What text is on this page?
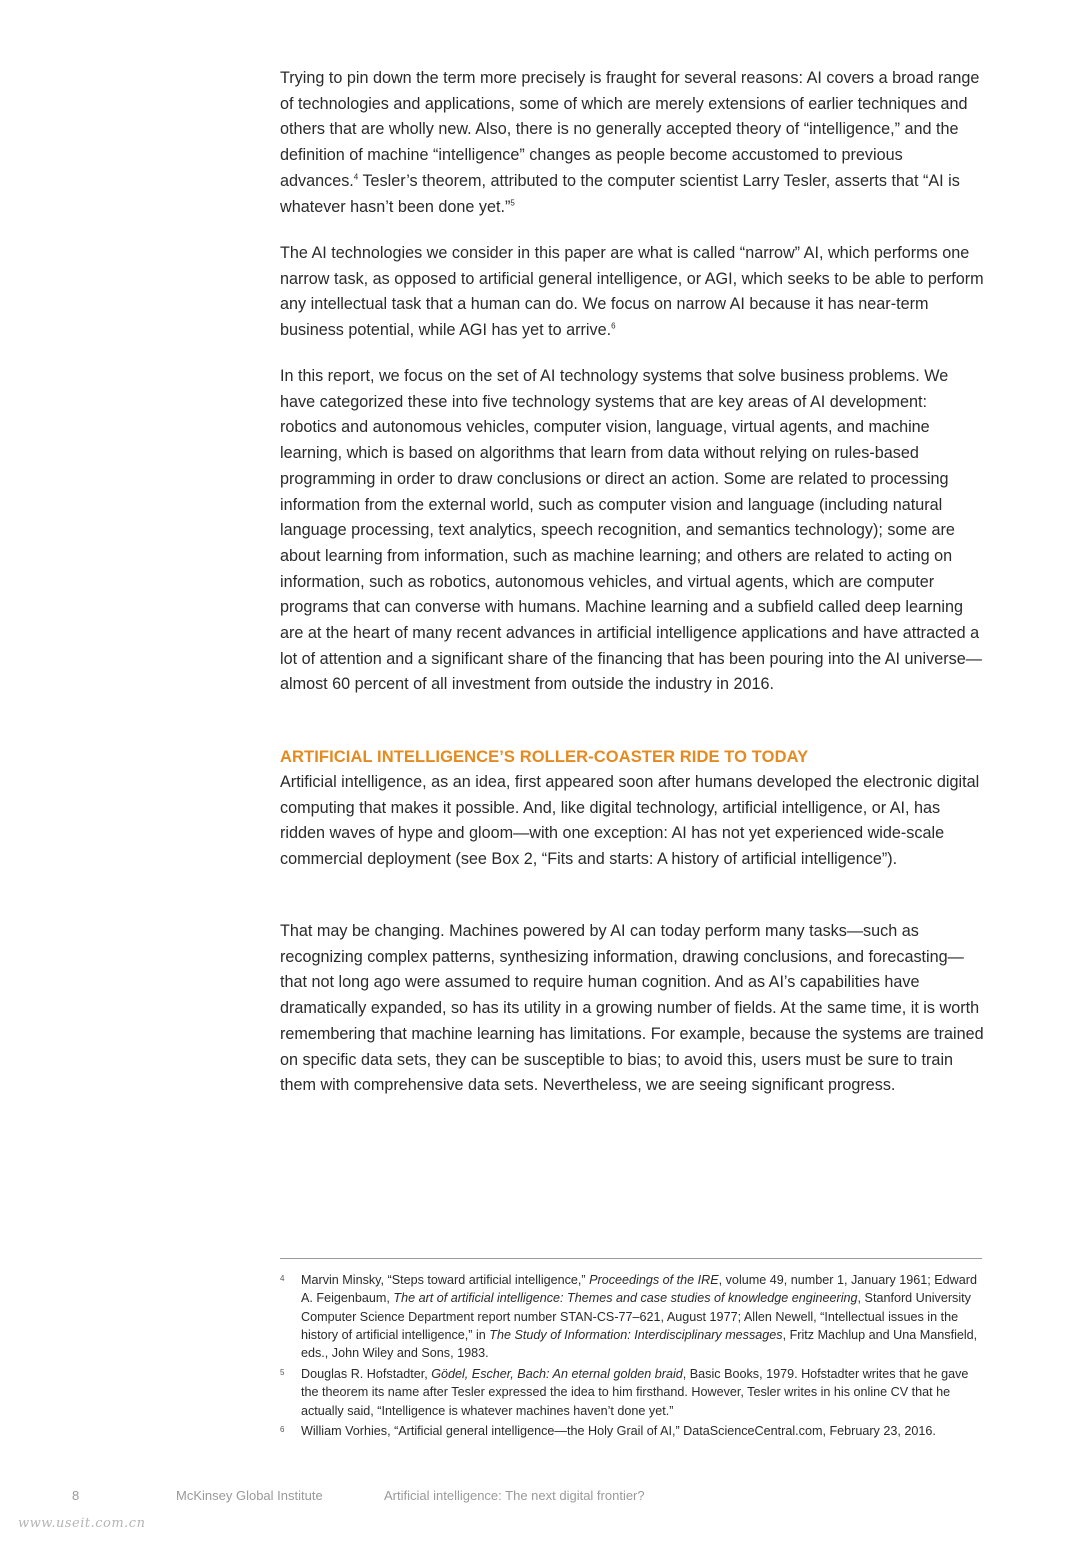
Trying to pin down the term more precisely is fraught for several reasons: AI covers a broad range of technologies and applications, some of which are merely extensions of earlier techniques and others that are wholly new. Also, there is no generally accepted theory of “intelligence,” and the definition of machine “intelligence” changes as people become accustomed to previous advances.$^4$ Tesler’s theorem, attributed to the computer scientist Larry Tesler, asserts that “AI is whatever hasn’t been done yet.”$^5$

The AI technologies we consider in this paper are what is called “narrow” AI, which performs one narrow task, as opposed to artificial general intelligence, or AGI, which seeks to be able to perform any intellectual task that a human can do. We focus on narrow AI because it has near-term business potential, while AGI has yet to arrive.$^6$

In this report, we focus on the set of AI technology systems that solve business problems. We have categorized these into five technology systems that are key areas of AI development: robotics and autonomous vehicles, computer vision, language, virtual agents, and machine learning, which is based on algorithms that learn from data without relying on rules-based programming in order to draw conclusions or direct an action. Some are related to processing information from the external world, such as computer vision and language (including natural language processing, text analytics, speech recognition, and semantics technology); some are about learning from information, such as machine learning; and others are related to acting on information, such as robotics, autonomous vehicles, and virtual agents, which are computer programs that can converse with humans. Machine learning and a subfield called deep learning are at the heart of many recent advances in artificial intelligence applications and have attracted a lot of attention and a significant share of the financing that has been pouring into the AI universe—almost 60 percent of all investment from outside the industry in 2016.

ARTIFICIAL INTELLIGENCE’S ROLLER-COASTER RIDE TO TODAY

Artificial intelligence, as an idea, first appeared soon after humans developed the electronic digital computing that makes it possible. And, like digital technology, artificial intelligence, or AI, has ridden waves of hype and gloom—with one exception: AI has not yet experienced wide-scale commercial deployment (see Box 2, “Fits and starts: A history of artificial intelligence”).

That may be changing. Machines powered by AI can today perform many tasks—such as recognizing complex patterns, synthesizing information, drawing conclusions, and forecasting—that not long ago were assumed to require human cognition. And as AI’s capabilities have dramatically expanded, so has its utility in a growing number of fields. At the same time, it is worth remembering that machine learning has limitations. For example, because the systems are trained on specific data sets, they can be susceptible to bias; to avoid this, users must be sure to train them with comprehensive data sets. Nevertheless, we are seeing significant progress.

4 Marvin Minsky, “Steps toward artificial intelligence,” Proceedings of the IRE, volume 49, number 1, January 1961; Edward A. Feigenbaum, The art of artificial intelligence: Themes and case studies of knowledge engineering, Stanford University Computer Science Department report number STAN-CS-77–621, August 1977; Allen Newell, “Intellectual issues in the history of artificial intelligence,” in The Study of Information: Interdisciplinary messages, Fritz Machlup and Una Mansfield, eds., John Wiley and Sons, 1983.
5 Douglas R. Hofstadter, Gödel, Escher, Bach: An eternal golden braid, Basic Books, 1979. Hofstadter writes that he gave the theorem its name after Tesler expressed the idea to him firsthand. However, Tesler writes in his online CV that he actually said, “Intelligence is whatever machines haven’t done yet.”
6 William Vorhies, “Artificial general intelligence—the Holy Grail of AI,” DataScienceCentral.com, February 23, 2016.
8	McKinsey Global Institute	Artificial intelligence: The next digital frontier?
www.useit.com.cn
